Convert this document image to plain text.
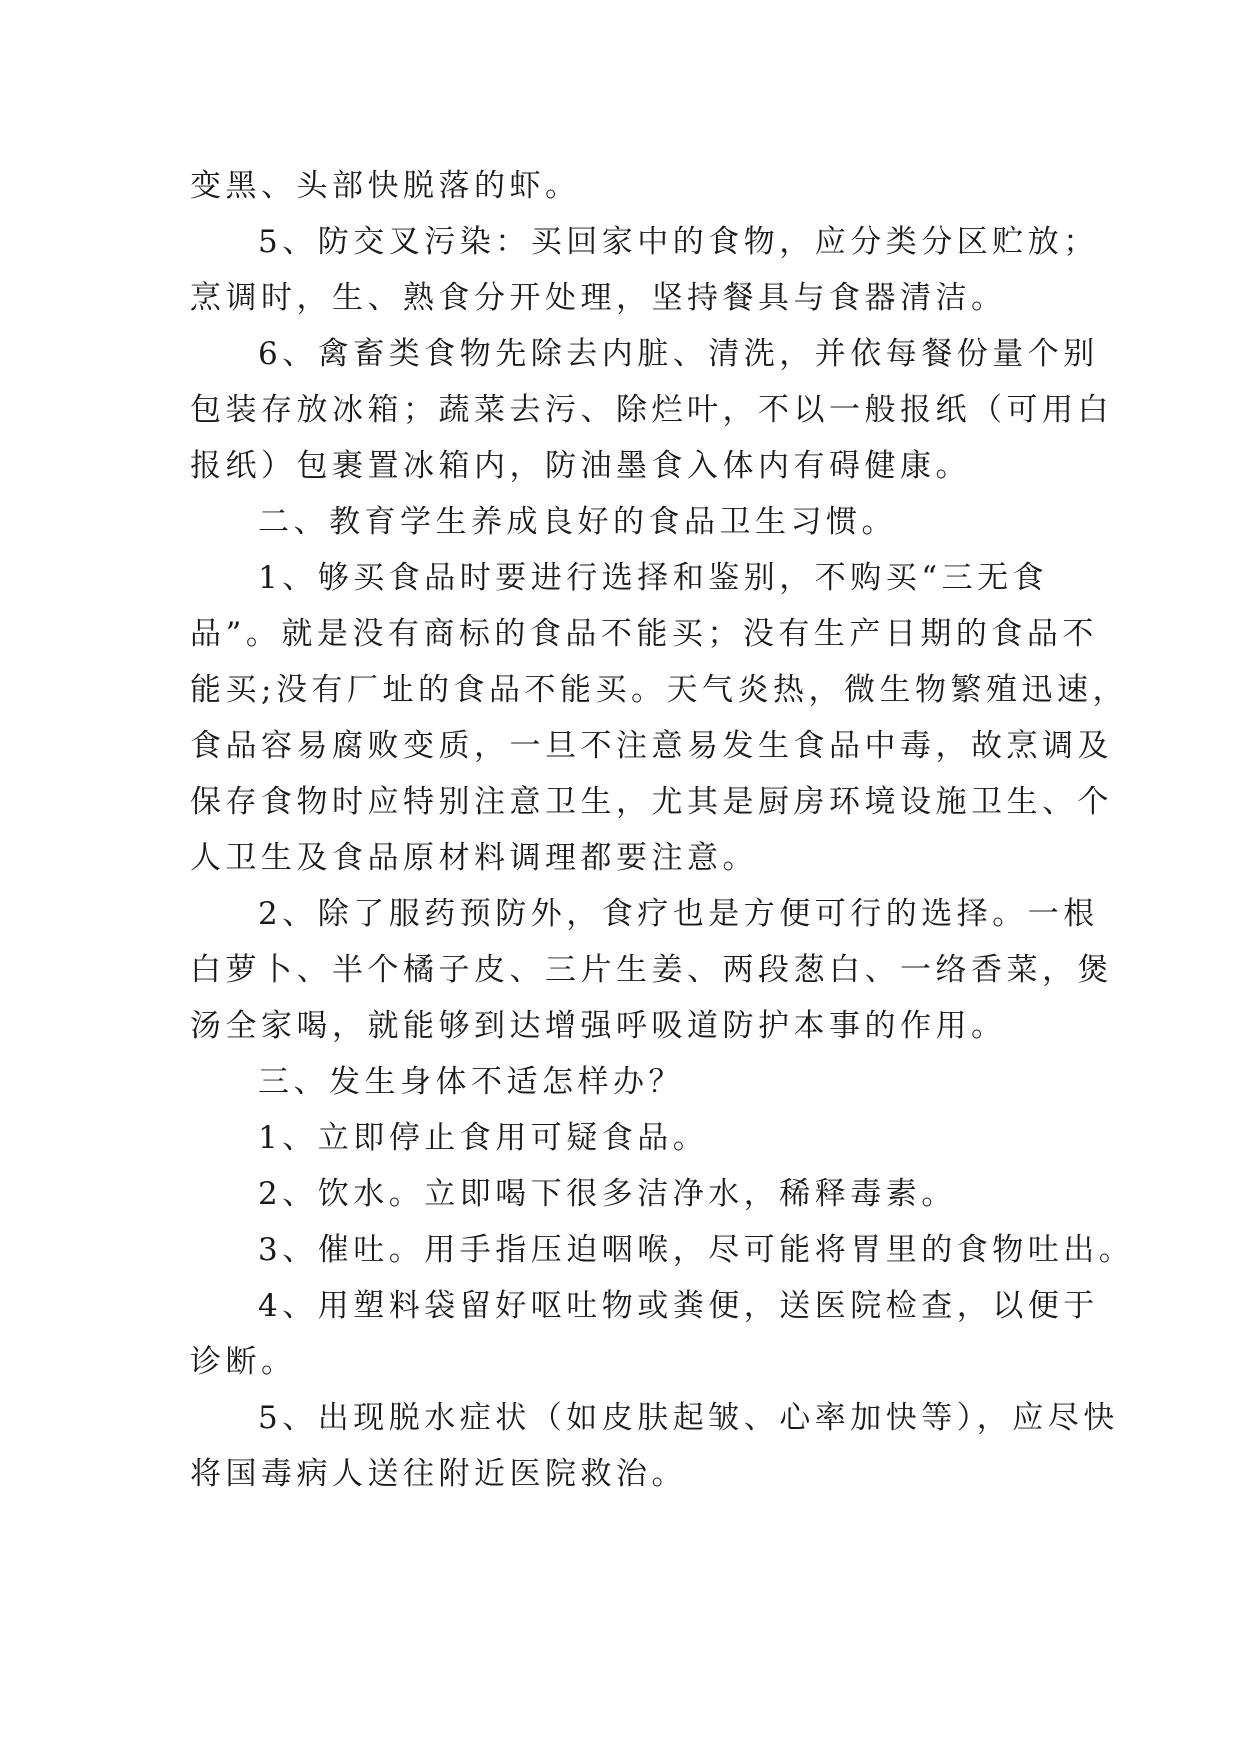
变黑、头部快脱落的虾。
5、防交叉污染：买回家中的食物，应分类分区贮放；
烹调时，生、熟食分开处理，坚持餐具与食器清洁。
6、禽畜类食物先除去内脏、清洗，并依每餐份量个别
包装存放冰箱；蔬菜去污、除烂叶，不以一般报纸（可用白
报纸）包裹置冰箱内，防油墨食入体内有碍健康。
二、教育学生养成良好的食品卫生习惯。
1、够买食品时要进行选择和鉴别，不购买“三无食
品”。就是没有商标的食品不能买；没有生产日期的食品不
能买;没有厂址的食品不能买。天气炎热，微生物繁殖迅速，
食品容易腐败变质，一旦不注意易发生食品中毒，故烹调及
保存食物时应特别注意卫生，尤其是厨房环境设施卫生、个
人卫生及食品原材料调理都要注意。
2、除了服药预防外，食疗也是方便可行的选择。一根
白萝卜、半个橘子皮、三片生姜、两段葱白、一络香菜，煲
汤全家喝，就能够到达增强呼吸道防护本事的作用。
三、发生身体不适怎样办？
1、立即停止食用可疑食品。
2、饮水。立即喝下很多洁净水，稀释毒素。
3、催吐。用手指压迫咽喉，尽可能将胃里的食物吐出。
4、用塑料袋留好呕吐物或粪便，送医院检查，以便于
诊断。
5、出现脱水症状（如皮肤起皱、心率加快等），应尽快
将国毒病人送往附近医院救治。
